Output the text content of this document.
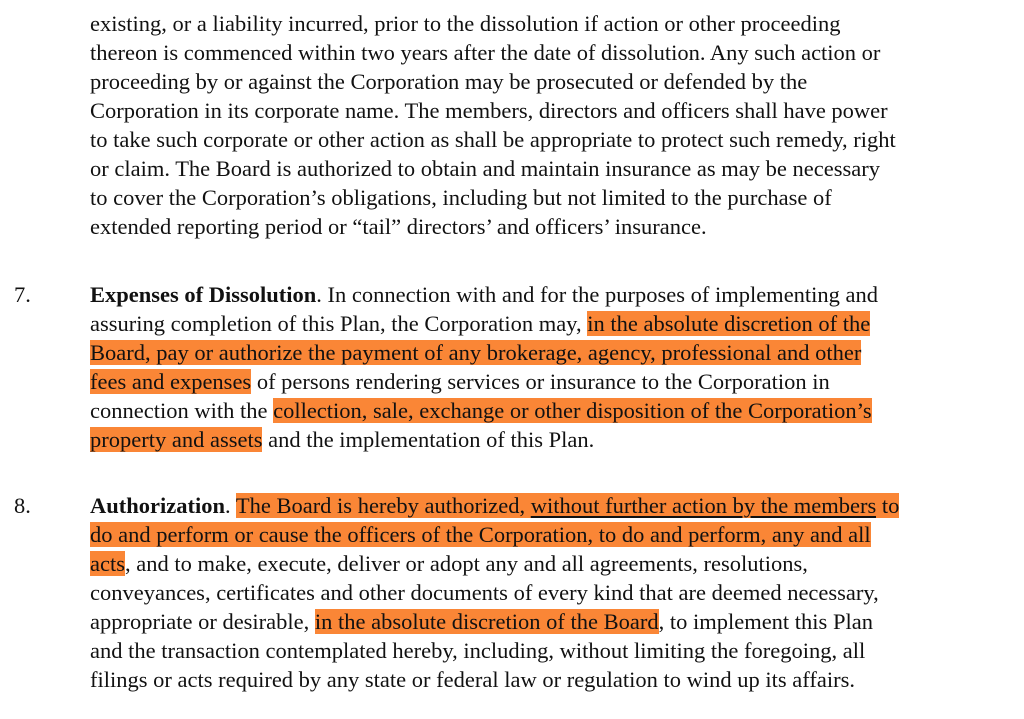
existing, or a liability incurred, prior to the dissolution if action or other proceeding
thereon is commenced within two years after the date of dissolution. Any such action or
proceeding by or against the Corporation may be prosecuted or defended by the
Corporation in its corporate name. The members, directors and officers shall have power
to take such corporate or other action as shall be appropriate to protect such remedy, right
or claim. The Board is authorized to obtain and maintain insurance as may be necessary
to cover the Corporation’s obligations, including but not limited to the purchase of
extended reporting period or “tail” directors’ and officers’ insurance.
7.	Expenses of Dissolution. In connection with and for the purposes of implementing and
assuring completion of this Plan, the Corporation may, in the absolute discretion of the
Board, pay or authorize the payment of any brokerage, agency, professional and other
fees and expenses of persons rendering services or insurance to the Corporation in
connection with the collection, sale, exchange or other disposition of the Corporation’s
property and assets and the implementation of this Plan.
8.	Authorization. The Board is hereby authorized, without further action by the members to
do and perform or cause the officers of the Corporation, to do and perform, any and all
acts, and to make, execute, deliver or adopt any and all agreements, resolutions,
conveyances, certificates and other documents of every kind that are deemed necessary,
appropriate or desirable, in the absolute discretion of the Board, to implement this Plan
and the transaction contemplated hereby, including, without limiting the foregoing, all
filings or acts required by any state or federal law or regulation to wind up its affairs.
